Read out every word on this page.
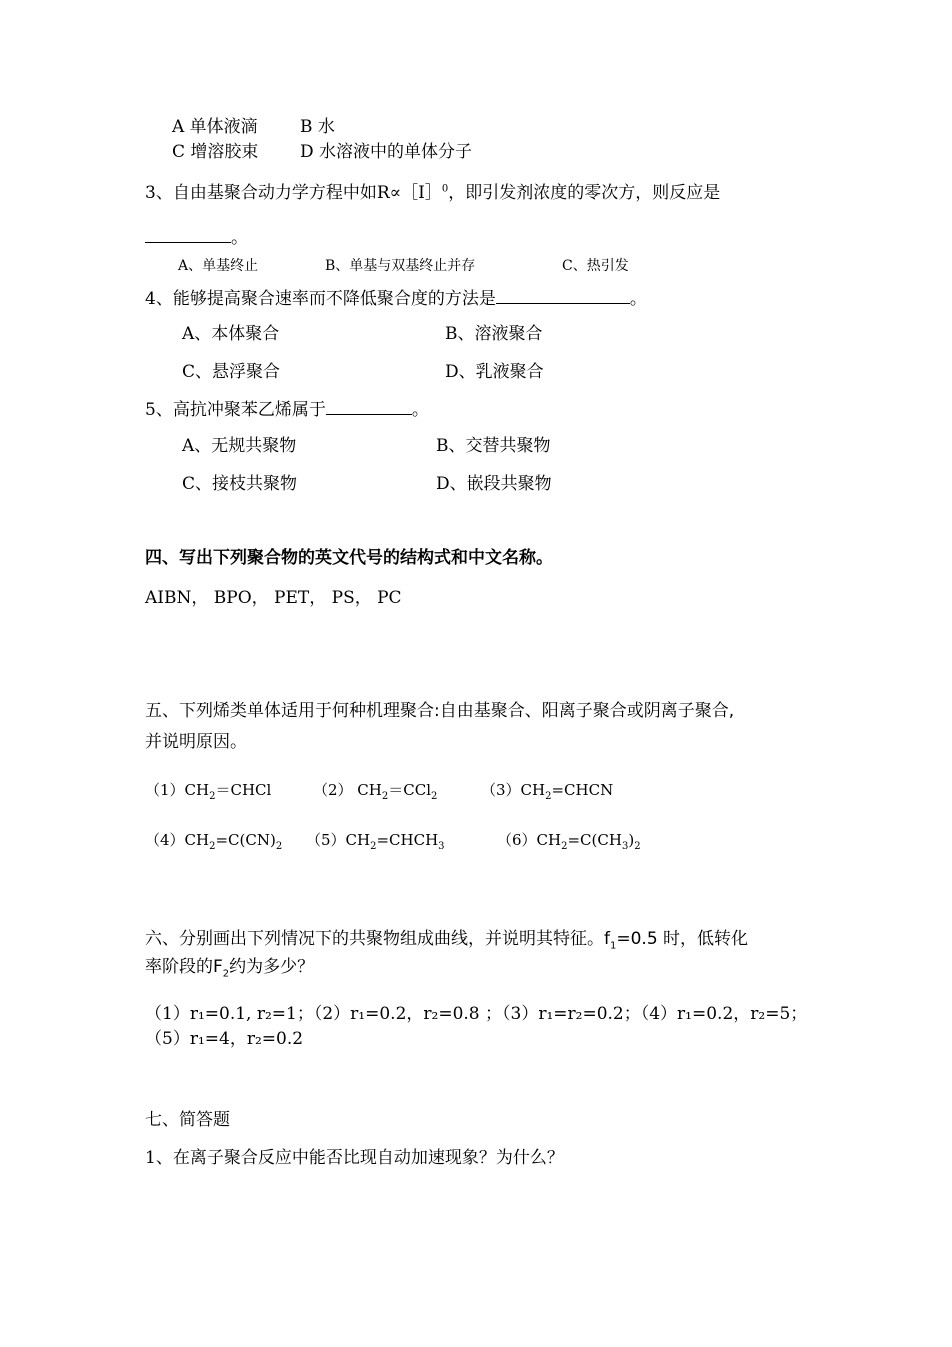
A 单体液滴 B 水
C 增溶胶束 D 水溶液中的单体分子
3、自由基聚合动力学方程中如R∝［I］$^0$，即引发剂浓度的零次方，则反应是
。
A、单基终止	B、单基与双基终止并存	C、热引发
4、能够提高聚合速率而不降低聚合度的方法是	。
A、本体聚合	B、溶液聚合
C、悬浮聚合	D、乳液聚合
5、高抗冲聚苯乙烯属于	。
A、无规共聚物	B、交替共聚物
C、接枝共聚物	D、嵌段共聚物
四、写出下列聚合物的英文代号的结构式和中文名称。
AIBN， BPO， PET， PS， PC
五、下列烯类单体适用于何种机理聚合:自由基聚合、阳离子聚合或阴离子聚合,
并说明原因。
$(1)CH_2=CHCl$	（2） $CH_2=CCl_2$	$(3)CH_2=CHCN$
$(4)CH_2=C(CN)_2$ $(5)CH_2=CHCH_3$	$(6)CH_2=C(CH_3)_2$
六、分别画出下列情况下的共聚物组成曲线，并说明其特征。$f_1=0.5$ 时，低转化
率阶段的$F_2$约为多少？
（1）r₁=0.1, r₂=1；（2）r₁=0.2，r₂=0.8 ；（3）r₁=r₂=0.2；（4）r₁=0.2，r₂=5；
（5）r₁=4，r₂=0.2
七、简答题
1、在离子聚合反应中能否比现自动加速现象？为什么？
